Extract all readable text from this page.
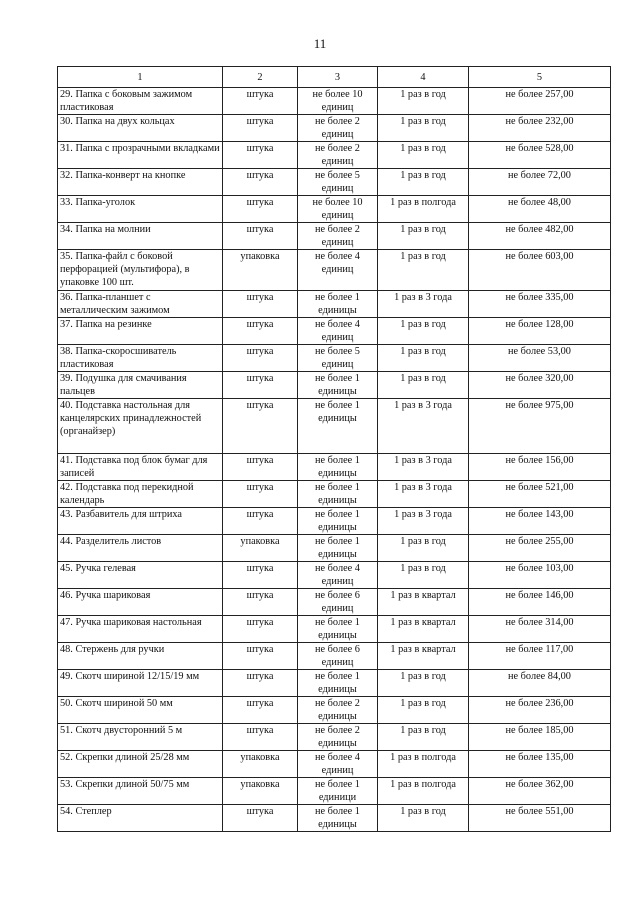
11
1	2	3	4	5
29. Папка с боковым зажимом пластиковая	штука	не более 10 единиц	1 раз в год	не более 257,00
30. Папка на двух кольцах	штука	не более 2 единиц	1 раз в год	не более 232,00
31. Папка с прозрачными вкладками	штука	не более 2 единиц	1 раз в год	не более 528,00
32. Папка-конверт на кнопке	штука	не более 5 единиц	1 раз в год	не более 72,00
33. Папка-уголок	штука	не более 10 единиц	1 раз в полгода	не более 48,00
34. Папка на молнии	штука	не более 2 единиц	1 раз в год	не более 482,00
35. Папка-файл с боковой перфорацией (мультифора), в упаковке 100 шт.	упаковка	не более 4 единиц	1 раз в год	не более 603,00
36. Папка-планшет с металлическим зажимом	штука	не более 1 единицы	1 раз в 3 года	не более 335,00
37. Папка на резинке	штука	не более 4 единиц	1 раз в год	не более 128,00
38. Папка-скоросшиватель пластиковая	штука	не более 5 единиц	1 раз в год	не более 53,00
39. Подушка для смачивания пальцев	штука	не более 1 единицы	1 раз в год	не более 320,00
40. Подставка настольная для канцелярских принадлежностей (органайзер)	штука	не более 1 единицы	1 раз в 3 года	не более 975,00
41. Подставка под блок бумаг для записей	штука	не более 1 единицы	1 раз в 3 года	не более 156,00
42. Подставка под перекидной календарь	штука	не более 1 единицы	1 раз в 3 года	не более 521,00
43. Разбавитель для штриха	штука	не более 1 единицы	1 раз в 3 года	не более 143,00
44. Разделитель листов	упаковка	не более 1 единицы	1 раз в год	не более 255,00
45. Ручка гелевая	штука	не более 4 единиц	1 раз в год	не более 103,00
46. Ручка шариковая	штука	не более 6 единиц	1 раз в квартал	не более 146,00
47. Ручка шариковая настольная	штука	не более 1 единицы	1 раз в квартал	не более 314,00
48. Стержень для ручки	штука	не более 6 единиц	1 раз в квартал	не более 117,00
49. Скотч шириной 12/15/19 мм	штука	не более 1 единицы	1 раз в год	не более 84,00
50. Скотч шириной 50 мм	штука	не более 2 единицы	1 раз в год	не более 236,00
51. Скотч двусторонний 5 м	штука	не более 2 единицы	1 раз в год	не более 185,00
52. Скрепки длиной 25/28 мм	упаковка	не более 4 единиц	1 раз в полгода	не более 135,00
53. Скрепки длиной 50/75 мм	упаковка	не более 1 единици	1 раз в полгода	не более 362,00
54. Степлер	штука	не более 1 единицы	1 раз в год	не более 551,00
